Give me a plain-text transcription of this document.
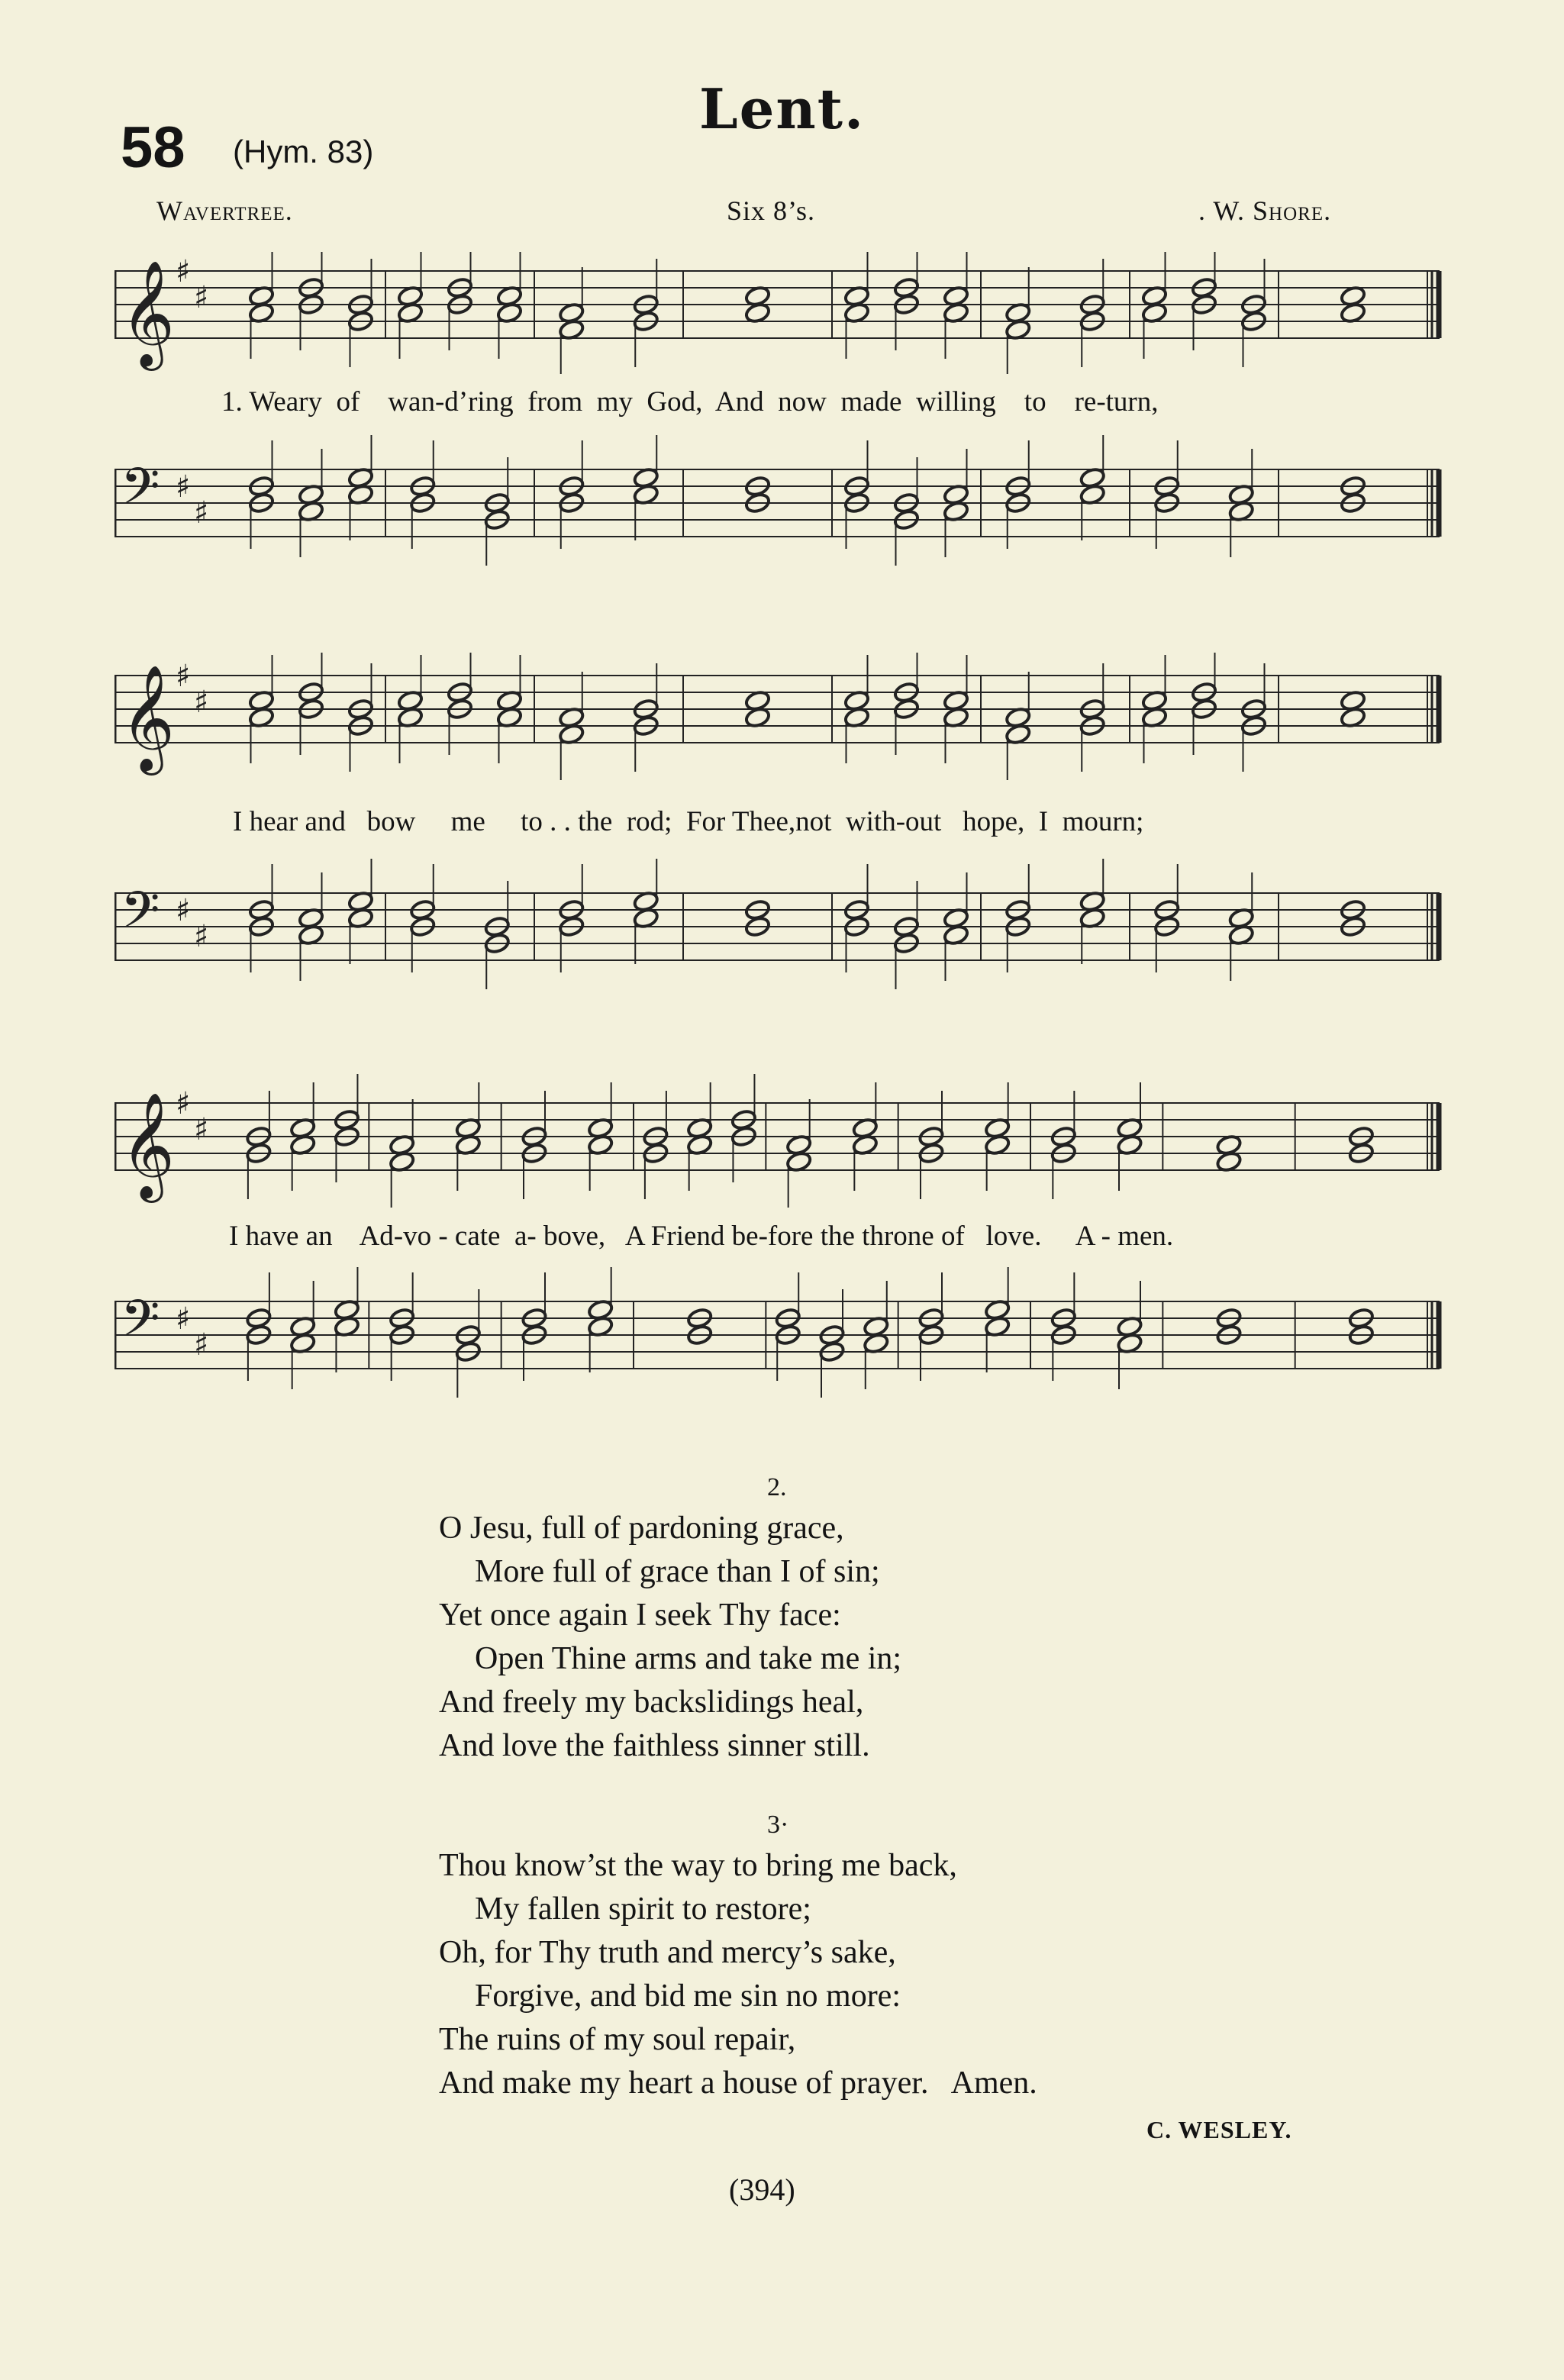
Lent.
58 (Hym. 83)
Wavertree.	Six 8’s.	. W. Shore.
𝄞 ♯
♯
1. Weary of wan-d’ring from my God, And now made willing to re-turn,
𝄢 ♯
♯
𝄞 ♯
♯
I hear and bow me to . . the rod; For Thee,not with-out hope, I mourn;
𝄢 ♯
♯
𝄞 ♯
♯
I have an Ad-vo - cate a- bove, A Friend be-fore the throne of love. A - men.
𝄢 ♯
♯
2.
O Jesu, full of pardoning grace,
More full of grace than I of sin;
Yet once again I seek Thy face:
Open Thine arms and take me in;
And freely my backslidings heal,
And love the faithless sinner still.
3·
Thou know’st the way to bring me back,
My fallen spirit to restore;
Oh, for Thy truth and mercy’s sake,
Forgive, and bid me sin no more:
The ruins of my soul repair,
And make my heart a house of prayer. Amen.
C. WESLEY.
(394)
